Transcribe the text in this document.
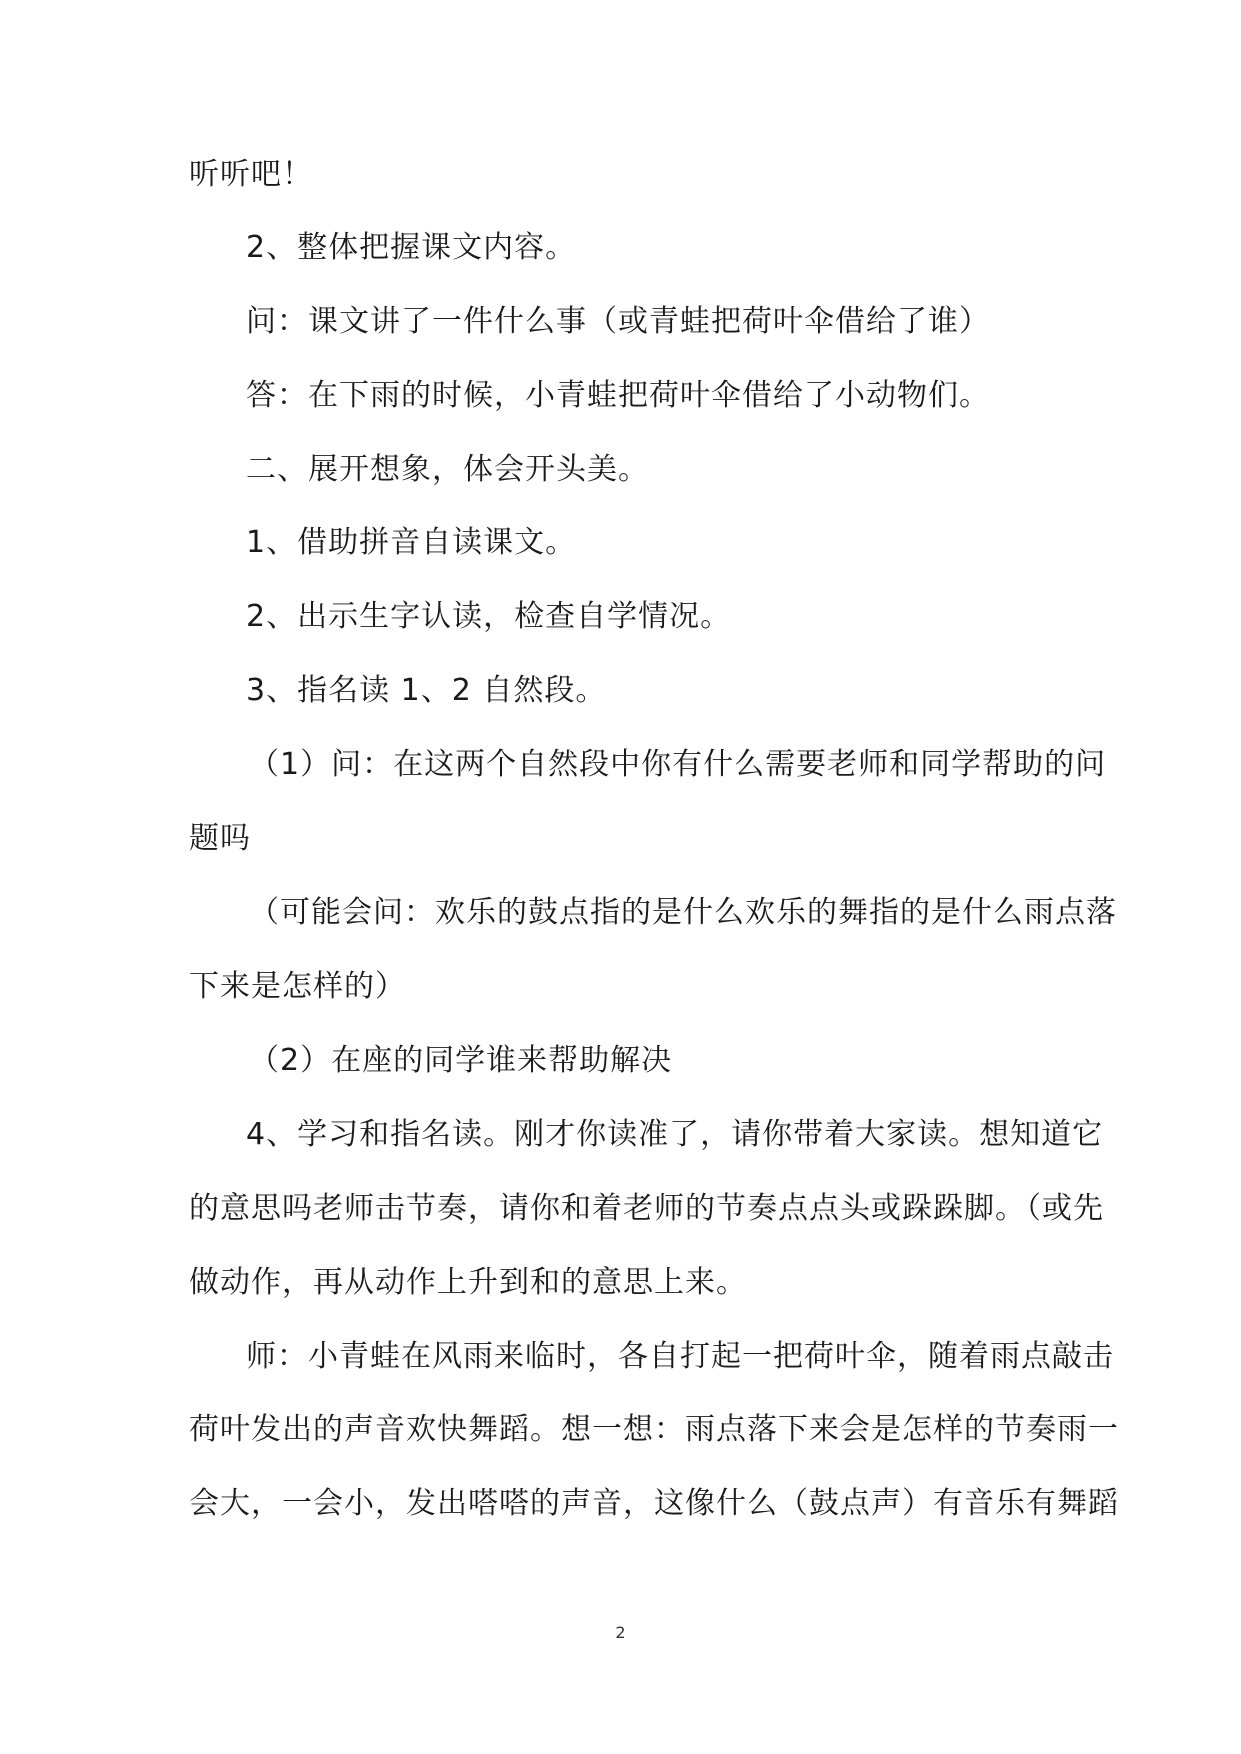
听听吧！
2、整体把握课文内容。
问：课文讲了一件什么事（或青蛙把荷叶伞借给了谁）
答：在下雨的时候，小青蛙把荷叶伞借给了小动物们。
二、展开想象，体会开头美。
1、借助拼音自读课文。
2、出示生字认读，检查自学情况。
3、指名读 1、2 自然段。
（1）问：在这两个自然段中你有什么需要老师和同学帮助的问
题吗
（可能会问：欢乐的鼓点指的是什么欢乐的舞指的是什么雨点落
下来是怎样的）
（2）在座的同学谁来帮助解决
4、学习和指名读。刚才你读准了，请你带着大家读。想知道它
的意思吗老师击节奏，请你和着老师的节奏点点头或跺跺脚。（或先
做动作，再从动作上升到和的意思上来。
师：小青蛙在风雨来临时，各自打起一把荷叶伞，随着雨点敲击
荷叶发出的声音欢快舞蹈。想一想：雨点落下来会是怎样的节奏雨一
会大，一会小，发出嗒嗒的声音，这像什么（鼓点声）有音乐有舞蹈
2
